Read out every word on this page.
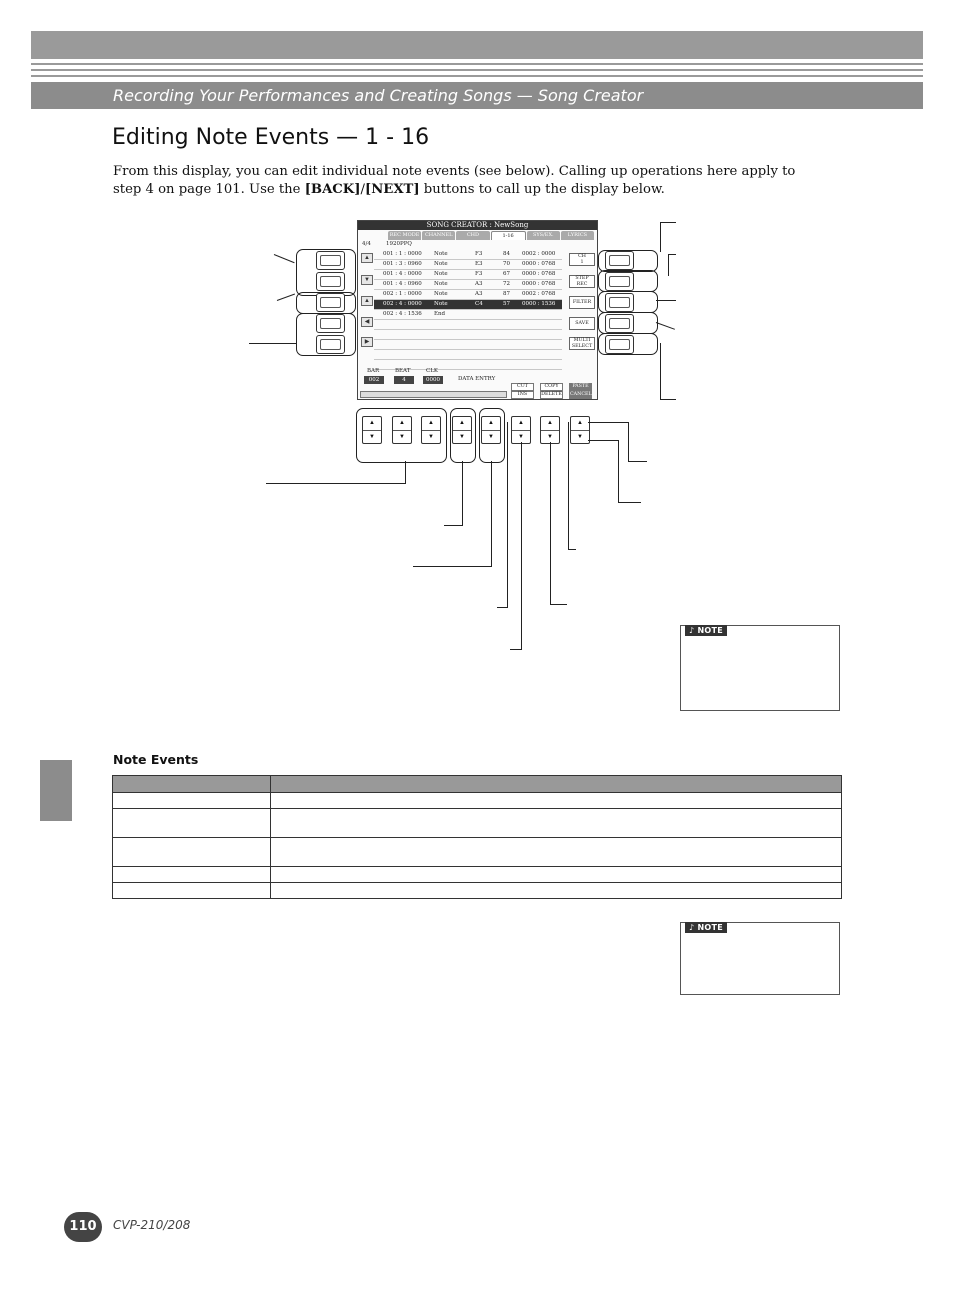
Recording Your Performances and Creating Songs — Song Creator
Editing Note Events — 1 - 16

From this display, you can edit individual note events (see below). Calling up operations here apply to step 4 on page 101. Use the [BACK]/[NEXT] buttons to call up the display below.

SONG CREATOR : NewSong
REC MODE	CHANNEL	CHD	1-16	SYS/EX.	LYRICS
4/4	1920PPQ
▲
▼
▲
◀
▶
001 : 1 : 0000 Note	F3	84 0002 : 0000
001 : 3 : 0960 Note	E3	70 0000 : 0768
001 : 4 : 0000 Note	F3	67 0000 : 0768
001 : 4 : 0960 Note	A3	72 0000 : 0768
002 : 1 : 0000 Note	A3	87 0002 : 0768
002 : 4 : 0000 Note	C4	57 0000 : 1536
002 : 4 : 1536 End
CH
1
STEP
REC
FILTER
SAVE
MULTI
SELECT
BAR	BEAT	CLK
DATA ENTRY
002	4	0000
CUT
INS
COPY
DELETE
PASTE
CANCEL
▲
▼
▲
▼
▲
▼
▲
▼
▲
▼
▲
▼
▲
▼
▲
▼
♪ NOTE
♪ NOTE
Note Events

110	CVP-210/208
